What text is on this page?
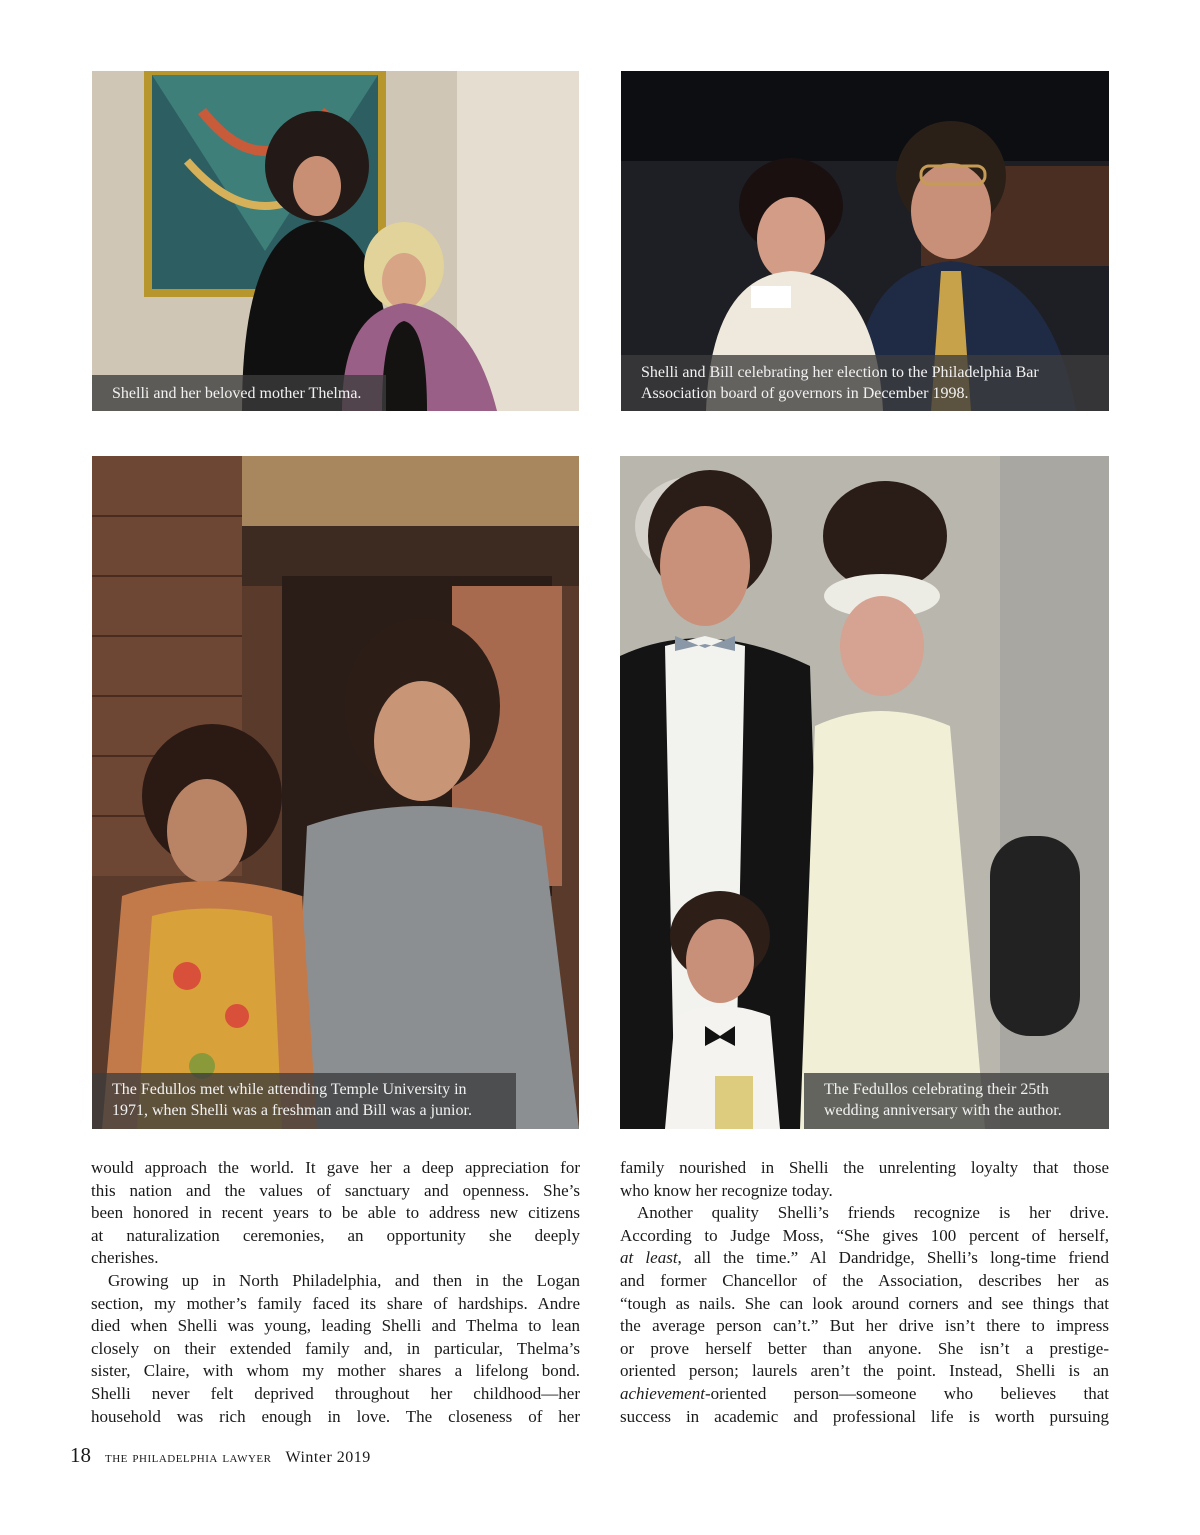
Shelli and her beloved mother Thelma.
Shelli and Bill celebrating her election to the Philadelphia Bar
Association board of governors in December 1998.
The Fedullos met while attending Temple University in
1971, when Shelli was a freshman and Bill was a junior.
The Fedullos celebrating their 25th
wedding anniversary with the author.

would approach the world. It gave her a deep appreciation for
this nation and the values of sanctuary and openness. She’s
been honored in recent years to be able to address new citizens
at naturalization ceremonies, an opportunity she deeply
cherishes.

Growing up in North Philadelphia, and then in the Logan
section, my mother’s family faced its share of hardships. Andre
died when Shelli was young, leading Shelli and Thelma to lean
closely on their extended family and, in particular, Thelma’s
sister, Claire, with whom my mother shares a lifelong bond.
Shelli never felt deprived throughout her childhood—her
household was rich enough in love. The closeness of her

family nourished in Shelli the unrelenting loyalty that those
who know her recognize today.

Another quality Shelli’s friends recognize is her drive.
According to Judge Moss, “She gives 100 percent of herself,
at least, all the time.” Al Dandridge, Shelli’s long-time friend
and former Chancellor of the Association, describes her as
“tough as nails. She can look around corners and see things that
the average person can’t.” But her drive isn’t there to impress
or prove herself better than anyone. She isn’t a prestige-
oriented person; laurels aren’t the point. Instead, Shelli is an
achievement-oriented person—someone who believes that
success in academic and professional life is worth pursuing

18 the philadelphia lawyer Winter 2019
